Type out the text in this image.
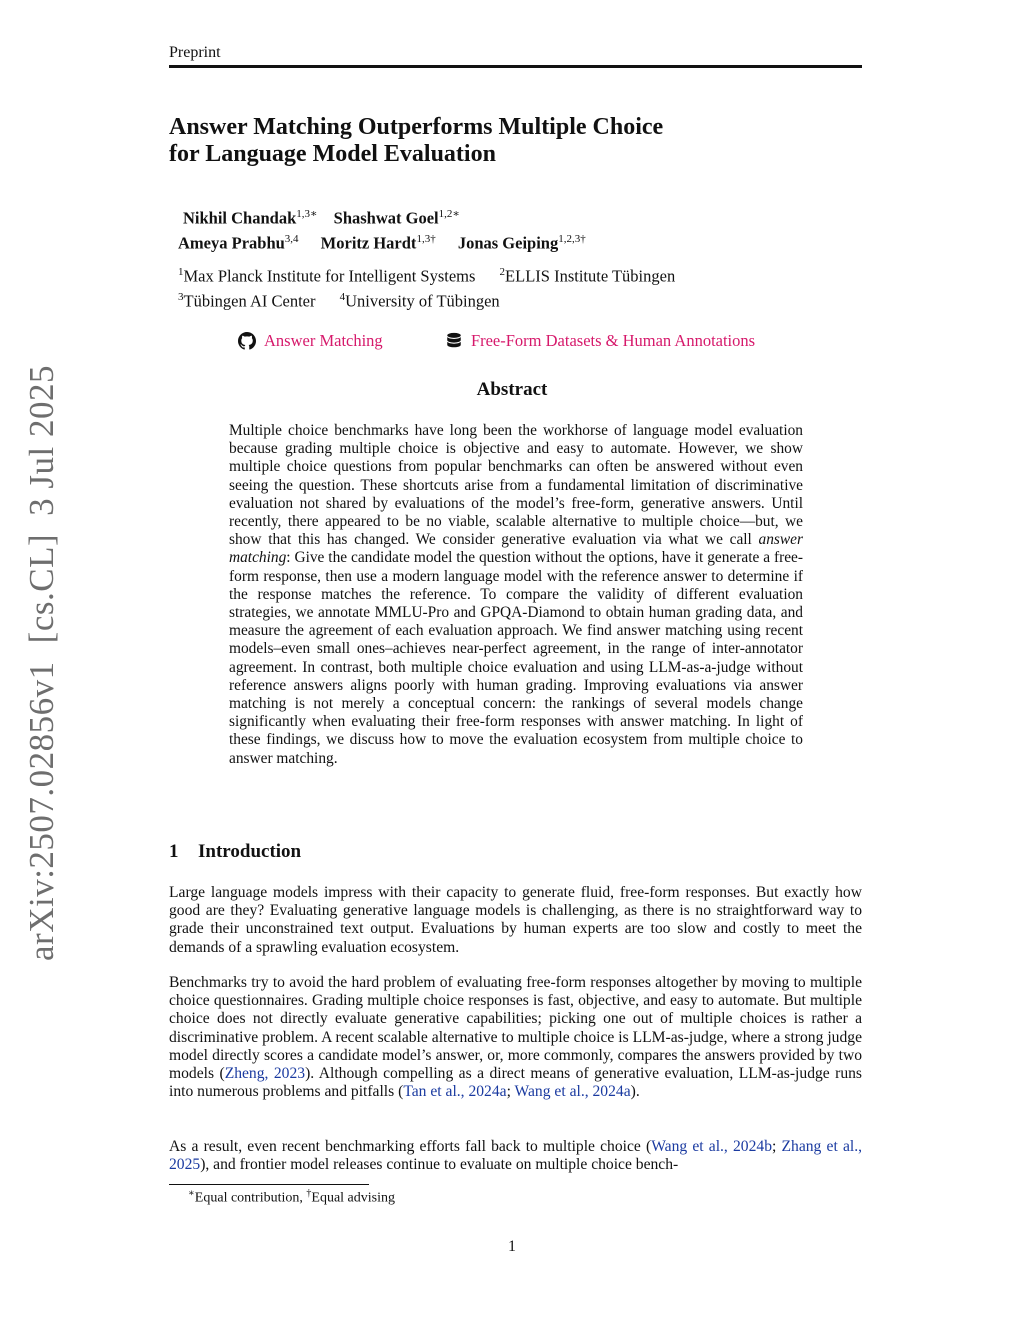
Preprint
arXiv:2507.02856v1[cs.CL]3 Jul 2025
Answer Matching Outperforms Multiple Choice
for Language Model Evaluation
Nikhil Chandak$^{1,3∗}$ Shashwat Goel$^{1,2∗}$
Ameya Prabhu$^{3,4}$ Moritz Hardt$^{1,3\dagger}$ Jonas Geiping$^{1,2,3\dagger}$
$^1$Max Planck Institute for Intelligent Systems $^2$ELLIS Institute Tübingen
$^3$Tübingen AI Center $^4$University of Tübingen
Answer Matching
	Free-Form Datasets & Human Annotations
Abstract
Multiple choice benchmarks have long been the workhorse of language model evaluation because grading multiple choice is objective and easy to automate. However, we show multiple choice questions from popular benchmarks can often be answered without even seeing the question. These shortcuts arise from a fundamental limitation of discriminative evaluation not shared by evaluations of the model’s free-form, generative answers. Until recently, there appeared to be no viable, scalable alternative to multiple choice—but, we show that this has changed. We consider generative evaluation via what we call answer matching: Give the candidate model the question without the options, have it generate a free-form response, then use a modern language model with the reference answer to determine if the response matches the reference. To compare the validity of different evaluation strategies, we annotate MMLU-Pro and GPQA-Diamond to obtain human grading data, and measure the agreement of each evaluation approach. We find answer matching using recent models–even small ones–achieves near-perfect agreement, in the range of inter-annotator agreement. In contrast, both multiple choice evaluation and using LLM-as-a-judge without reference answers aligns poorly with human grading. Improving evaluations via answer matching is not merely a conceptual concern: the rankings of several models change significantly when evaluating their free-form responses with answer matching. In light of these findings, we discuss how to move the evaluation ecosystem from multiple choice to answer matching.
1 Introduction
Large language models impress with their capacity to generate fluid, free-form responses. But exactly how good are they? Evaluating generative language models is challenging, as there is no straightforward way to grade their unconstrained text output. Evaluations by human experts are too slow and costly to meet the demands of a sprawling evaluation ecosystem.
Benchmarks try to avoid the hard problem of evaluating free-form responses altogether by moving to multiple choice questionnaires. Grading multiple choice responses is fast, objective, and easy to automate. But multiple choice does not directly evaluate generative capabilities; picking one out of multiple choices is rather a discriminative problem. A recent scalable alternative to multiple choice is LLM-as-judge, where a strong judge model directly scores a candidate model’s answer, or, more commonly, compares the answers provided by two models (Zheng, 2023). Although compelling as a direct means of generative evaluation, LLM-as-judge runs into numerous problems and pitfalls (Tan et al., 2024a; Wang et al., 2024a).
As a result, even recent benchmarking efforts fall back to multiple choice (Wang et al., 2024b; Zhang et al., 2025), and frontier model releases continue to evaluate on multiple choice bench-
∗Equal contribution, †Equal advising
1
